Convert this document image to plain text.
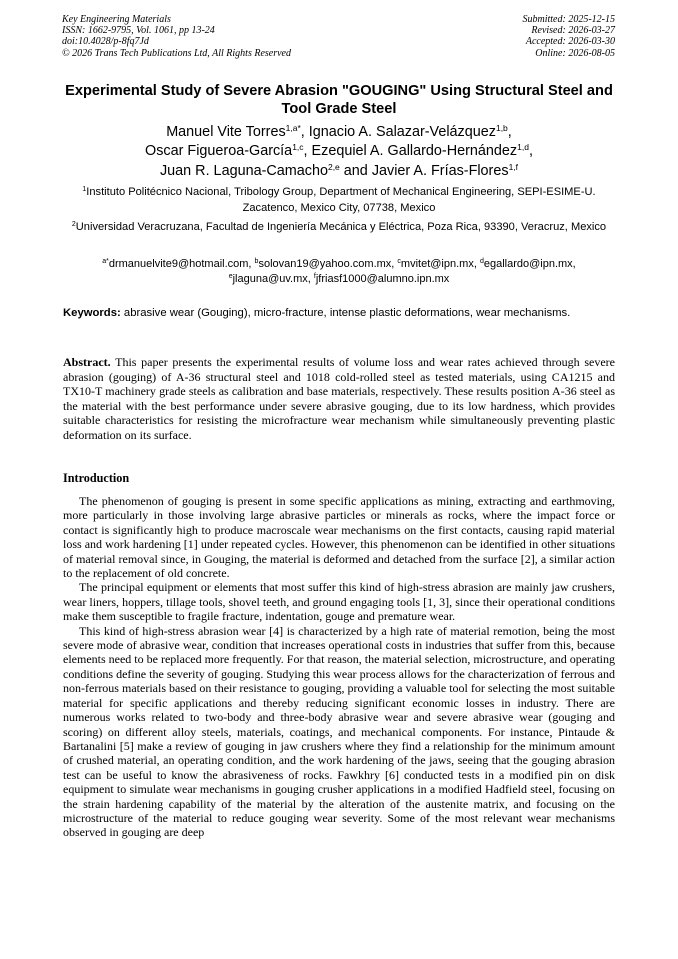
Key Engineering Materials
ISSN: 1662-9795, Vol. 1061, pp 13-24
doi:10.4028/p-8fq7Jd
© 2026 Trans Tech Publications Ltd, All Rights Reserved
Submitted: 2025-12-15
Revised: 2026-03-27
Accepted: 2026-03-30
Online: 2026-08-05
Experimental Study of Severe Abrasion "GOUGING" Using Structural Steel and Tool Grade Steel
Manuel Vite Torres$^{1,a*}$, Ignacio A. Salazar-Velázquez$^{1,b}$,
Oscar Figueroa-García$^{1,c}$, Ezequiel A. Gallardo-Hernández$^{1,d}$,
Juan R. Laguna-Camacho$^{2,e}$ and Javier A. Frías-Flores$^{1,f}$
$^1$Instituto Politécnico Nacional, Tribology Group, Department of Mechanical Engineering, SEPI-ESIME-U. Zacatenco, Mexico City, 07738, Mexico
$^2$Universidad Veracruzana, Facultad de Ingeniería Mecánica y Eléctrica, Poza Rica, 93390, Veracruz, Mexico
$^{a*}$drmanuelvite9@hotmail.com, $^b$solovan19@yahoo.com.mx, $^c$mvitet@ipn.mx, $^d$egallardo@ipn.mx,
$^e$jlaguna@uv.mx, $^f$jfriasf1000@alumno.ipn.mx
Keywords: abrasive wear (Gouging), micro-fracture, intense plastic deformations, wear mechanisms.
Abstract. This paper presents the experimental results of volume loss and wear rates achieved through severe abrasion (gouging) of A-36 structural steel and 1018 cold-rolled steel as tested materials, using CA1215 and TX10-T machinery grade steels as calibration and base materials, respectively. These results position A-36 steel as the material with the best performance under severe abrasive gouging, due to its low hardness, which provides suitable characteristics for resisting the microfracture wear mechanism while simultaneously preventing plastic deformation on its surface.
Introduction

The phenomenon of gouging is present in some specific applications as mining, extracting and earthmoving, more particularly in those involving large abrasive particles or minerals as rocks, where the impact force or contact is significantly high to produce macroscale wear mechanisms on the first contacts, causing rapid material loss and work hardening [1] under repeated cycles. However, this phenomenon can be identified in other situations of material removal since, in Gouging, the material is deformed and detached from the surface [2], a similar action to the replacement of old concrete.

The principal equipment or elements that most suffer this kind of high-stress abrasion are mainly jaw crushers, wear liners, hoppers, tillage tools, shovel teeth, and ground engaging tools [1, 3], since their operational conditions make them susceptible to fragile fracture, indentation, gouge and premature wear.

This kind of high-stress abrasion wear [4] is characterized by a high rate of material remotion, being the most severe mode of abrasive wear, condition that increases operational costs in industries that suffer from this, because elements need to be replaced more frequently. For that reason, the material selection, microstructure, and operating conditions define the severity of gouging. Studying this wear process allows for the characterization of ferrous and non-ferrous materials based on their resistance to gouging, providing a valuable tool for selecting the most suitable material for specific applications and thereby reducing significant economic losses in industry. There are numerous works related to two-body and three-body abrasive wear and severe abrasive wear (gouging and scoring) on different alloy steels, materials, coatings, and mechanical components. For instance, Pintaude & Bartanalini [5] make a review of gouging in jaw crushers where they find a relationship for the minimum amount of crushed material, an operating condition, and the work hardening of the jaws, seeing that the gouging abrasion test can be useful to know the abrasiveness of rocks. Fawkhry [6] conducted tests in a modified pin on disk equipment to simulate wear mechanisms in gouging crusher applications in a modified Hadfield steel, focusing on the strain hardening capability of the material by the alteration of the austenite matrix, and focusing on the microstructure of the material to reduce gouging wear severity. Some of the most relevant wear mechanisms observed in gouging are deep
